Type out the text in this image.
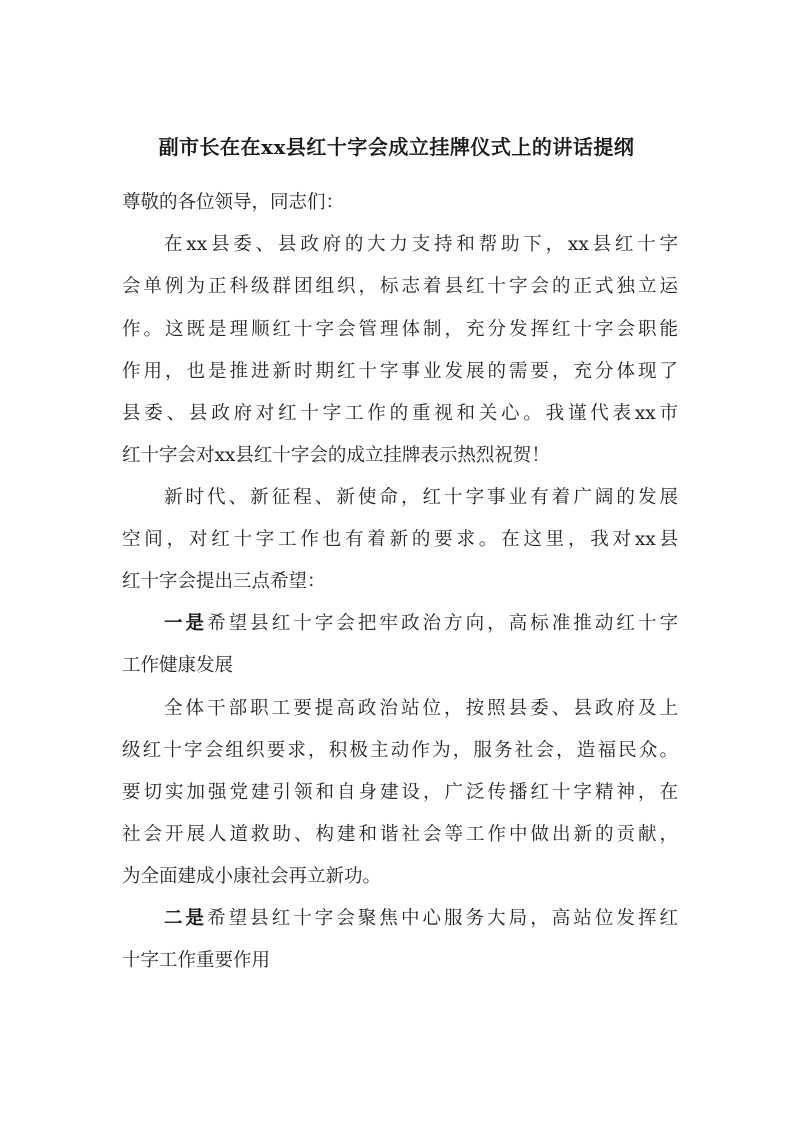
副市长在在xx县红十字会成立挂牌仪式上的讲话提纲
尊敬的各位领导，同志们：
在xx县委、县政府的大力支持和帮助下，xx县红十字
会单例为正科级群团组织，标志着县红十字会的正式独立运
作。这既是理顺红十字会管理体制，充分发挥红十字会职能
作用，也是推进新时期红十字事业发展的需要，充分体现了
县委、县政府对红十字工作的重视和关心。我谨代表xx市
红十字会对xx县红十字会的成立挂牌表示热烈祝贺！
新时代、新征程、新使命，红十字事业有着广阔的发展
空间，对红十字工作也有着新的要求。在这里，我对xx县
红十字会提出三点希望：
一是希望县红十字会把牢政治方向，高标准推动红十字
工作健康发展
全体干部职工要提高政治站位，按照县委、县政府及上
级红十字会组织要求，积极主动作为，服务社会，造福民众。
要切实加强党建引领和自身建设，广泛传播红十字精神，在
社会开展人道救助、构建和谐社会等工作中做出新的贡献，
为全面建成小康社会再立新功。
二是希望县红十字会聚焦中心服务大局，高站位发挥红
十字工作重要作用
